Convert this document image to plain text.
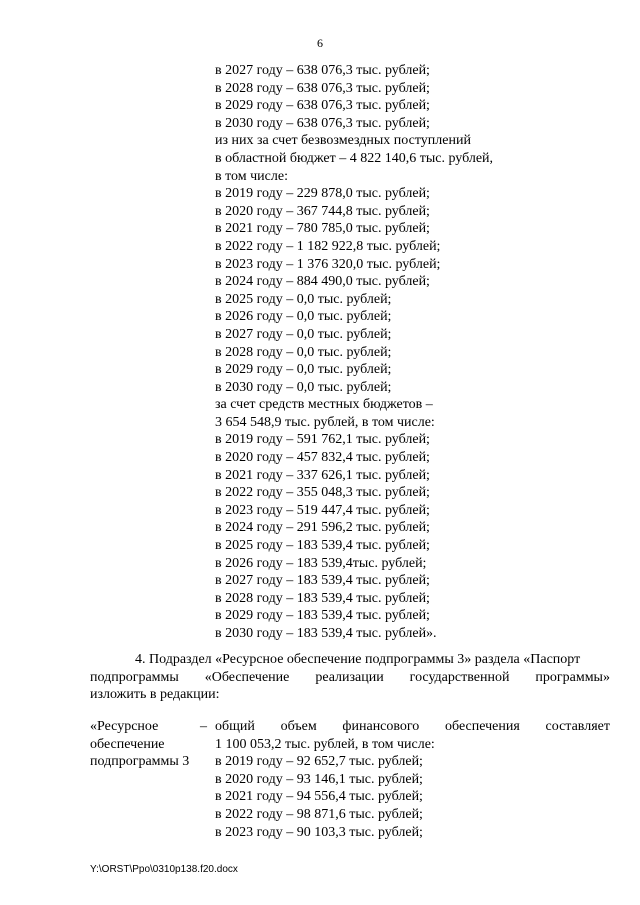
6
в 2027 году – 638 076,3 тыс. рублей;
в 2028 году – 638 076,3 тыс. рублей;
в 2029 году – 638 076,3 тыс. рублей;
в 2030 году – 638 076,3 тыс. рублей;
из них за счет безвозмездных поступлений
в областной бюджет – 4 822 140,6 тыс. рублей,
в том числе:
в 2019 году – 229 878,0 тыс. рублей;
в 2020 году – 367 744,8 тыс. рублей;
в 2021 году – 780 785,0 тыс. рублей;
в 2022 году – 1 182 922,8 тыс. рублей;
в 2023 году – 1 376 320,0 тыс. рублей;
в 2024 году – 884 490,0 тыс. рублей;
в 2025 году – 0,0 тыс. рублей;
в 2026 году – 0,0 тыс. рублей;
в 2027 году – 0,0 тыс. рублей;
в 2028 году – 0,0 тыс. рублей;
в 2029 году – 0,0 тыс. рублей;
в 2030 году – 0,0 тыс. рублей;
за счет средств местных бюджетов –
3 654 548,9 тыс. рублей, в том числе:
в 2019 году – 591 762,1 тыс. рублей;
в 2020 году – 457 832,4 тыс. рублей;
в 2021 году – 337 626,1 тыс. рублей;
в 2022 году – 355 048,3 тыс. рублей;
в 2023 году – 519 447,4 тыс. рублей;
в 2024 году – 291 596,2 тыс. рублей;
в 2025 году – 183 539,4 тыс. рублей;
в 2026 году – 183 539,4тыс. рублей;
в 2027 году – 183 539,4 тыс. рублей;
в 2028 году – 183 539,4 тыс. рублей;
в 2029 году – 183 539,4 тыс. рублей;
в 2030 году – 183 539,4 тыс. рублей».
4. Подраздел «Ресурсное обеспечение подпрограммы 3» раздела «Паспорт
подпрограммы «Обеспечение реализации государственной программы»
изложить в редакции:
«Ресурсное
обеспечение
подпрограммы 3
– общий объем финансового обеспечения составляет
1 100 053,2 тыс. рублей, в том числе:
в 2019 году – 92 652,7 тыс. рублей;
в 2020 году – 93 146,1 тыс. рублей;
в 2021 году – 94 556,4 тыс. рублей;
в 2022 году – 98 871,6 тыс. рублей;
в 2023 году – 90 103,3 тыс. рублей;
Y:\ORST\Ppo\0310p138.f20.docx
